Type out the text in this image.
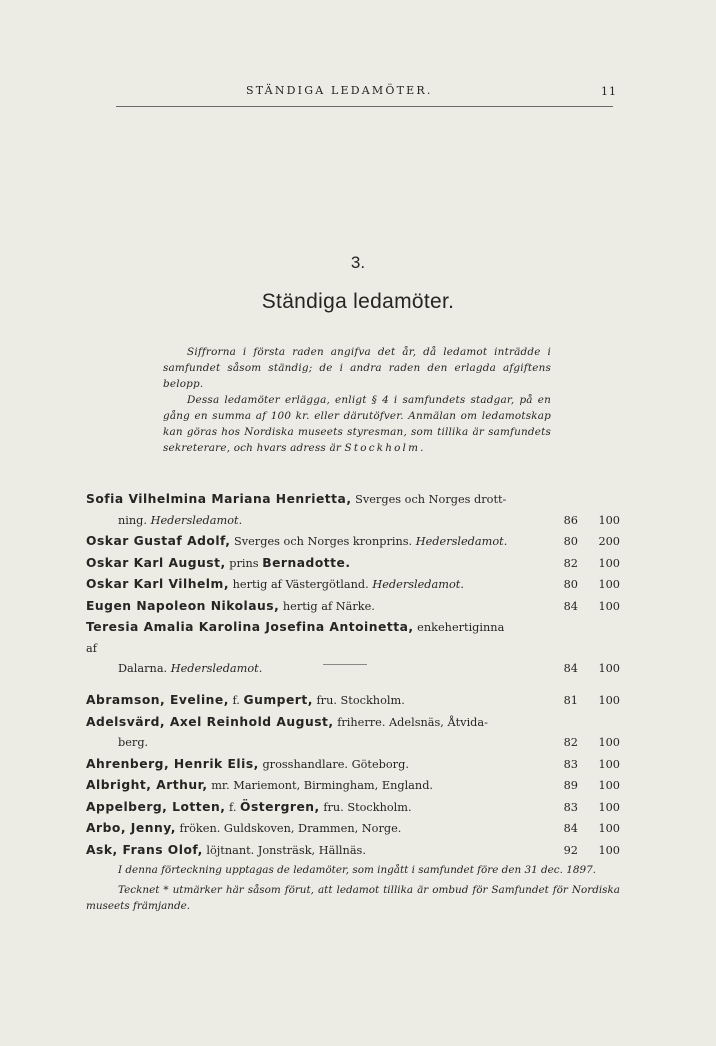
STÄNDIGA LEDAMÖTER.	11
3.
Ständiga ledamöter.

Siffrorna i första raden angifva det år, då ledamot inträdde i samfundet såsom ständig; de i andra raden den erlagda afgiftens belopp.

Dessa ledamöter erlägga, enligt § 4 i samfundets stadgar, på en gång en summa af 100 kr. eller därutöfver. Anmälan om ledamotskap kan göras hos Nordiska museets styresman, som tillika är samfundets sekreterare, och hvars adress är Stockholm.

Sofia Vilhelmina Mariana Henrietta, Sverges och Norges drott-
ning. Hedersledamot.	86	100
Oskar Gustaf Adolf, Sverges och Norges kronprins. Hedersledamot.	80	200
Oskar Karl August, prins Bernadotte.	82	100
Oskar Karl Vilhelm, hertig af Västergötland. Hedersledamot.	80	100
Eugen Napoleon Nikolaus, hertig af Närke.	84	100
Teresia Amalia Karolina Josefina Antoinetta, enkehertiginna af
Dalarna. Hedersledamot.	84	100
Abramson, Eveline, f. Gumpert, fru. Stockholm.	81	100
Adelsvärd, Axel Reinhold August, friherre. Adelsnäs, Åtvida-
berg.	82	100
Ahrenberg, Henrik Elis, grosshandlare. Göteborg.	83	100
Albright, Arthur, mr. Mariemont, Birmingham, England.	89	100
Appelberg, Lotten, f. Östergren, fru. Stockholm.	83	100
Arbo, Jenny, fröken. Guldskoven, Drammen, Norge.	84	100
Ask, Frans Olof, löjtnant. Jonsträsk, Hällnäs.	92	100

I denna förteckning upptagas de ledamöter, som ingått i samfundet före den 31 dec. 1897.

Tecknet * utmärker här såsom förut, att ledamot tillika är ombud för Samfundet för Nordiska museets främjande.
